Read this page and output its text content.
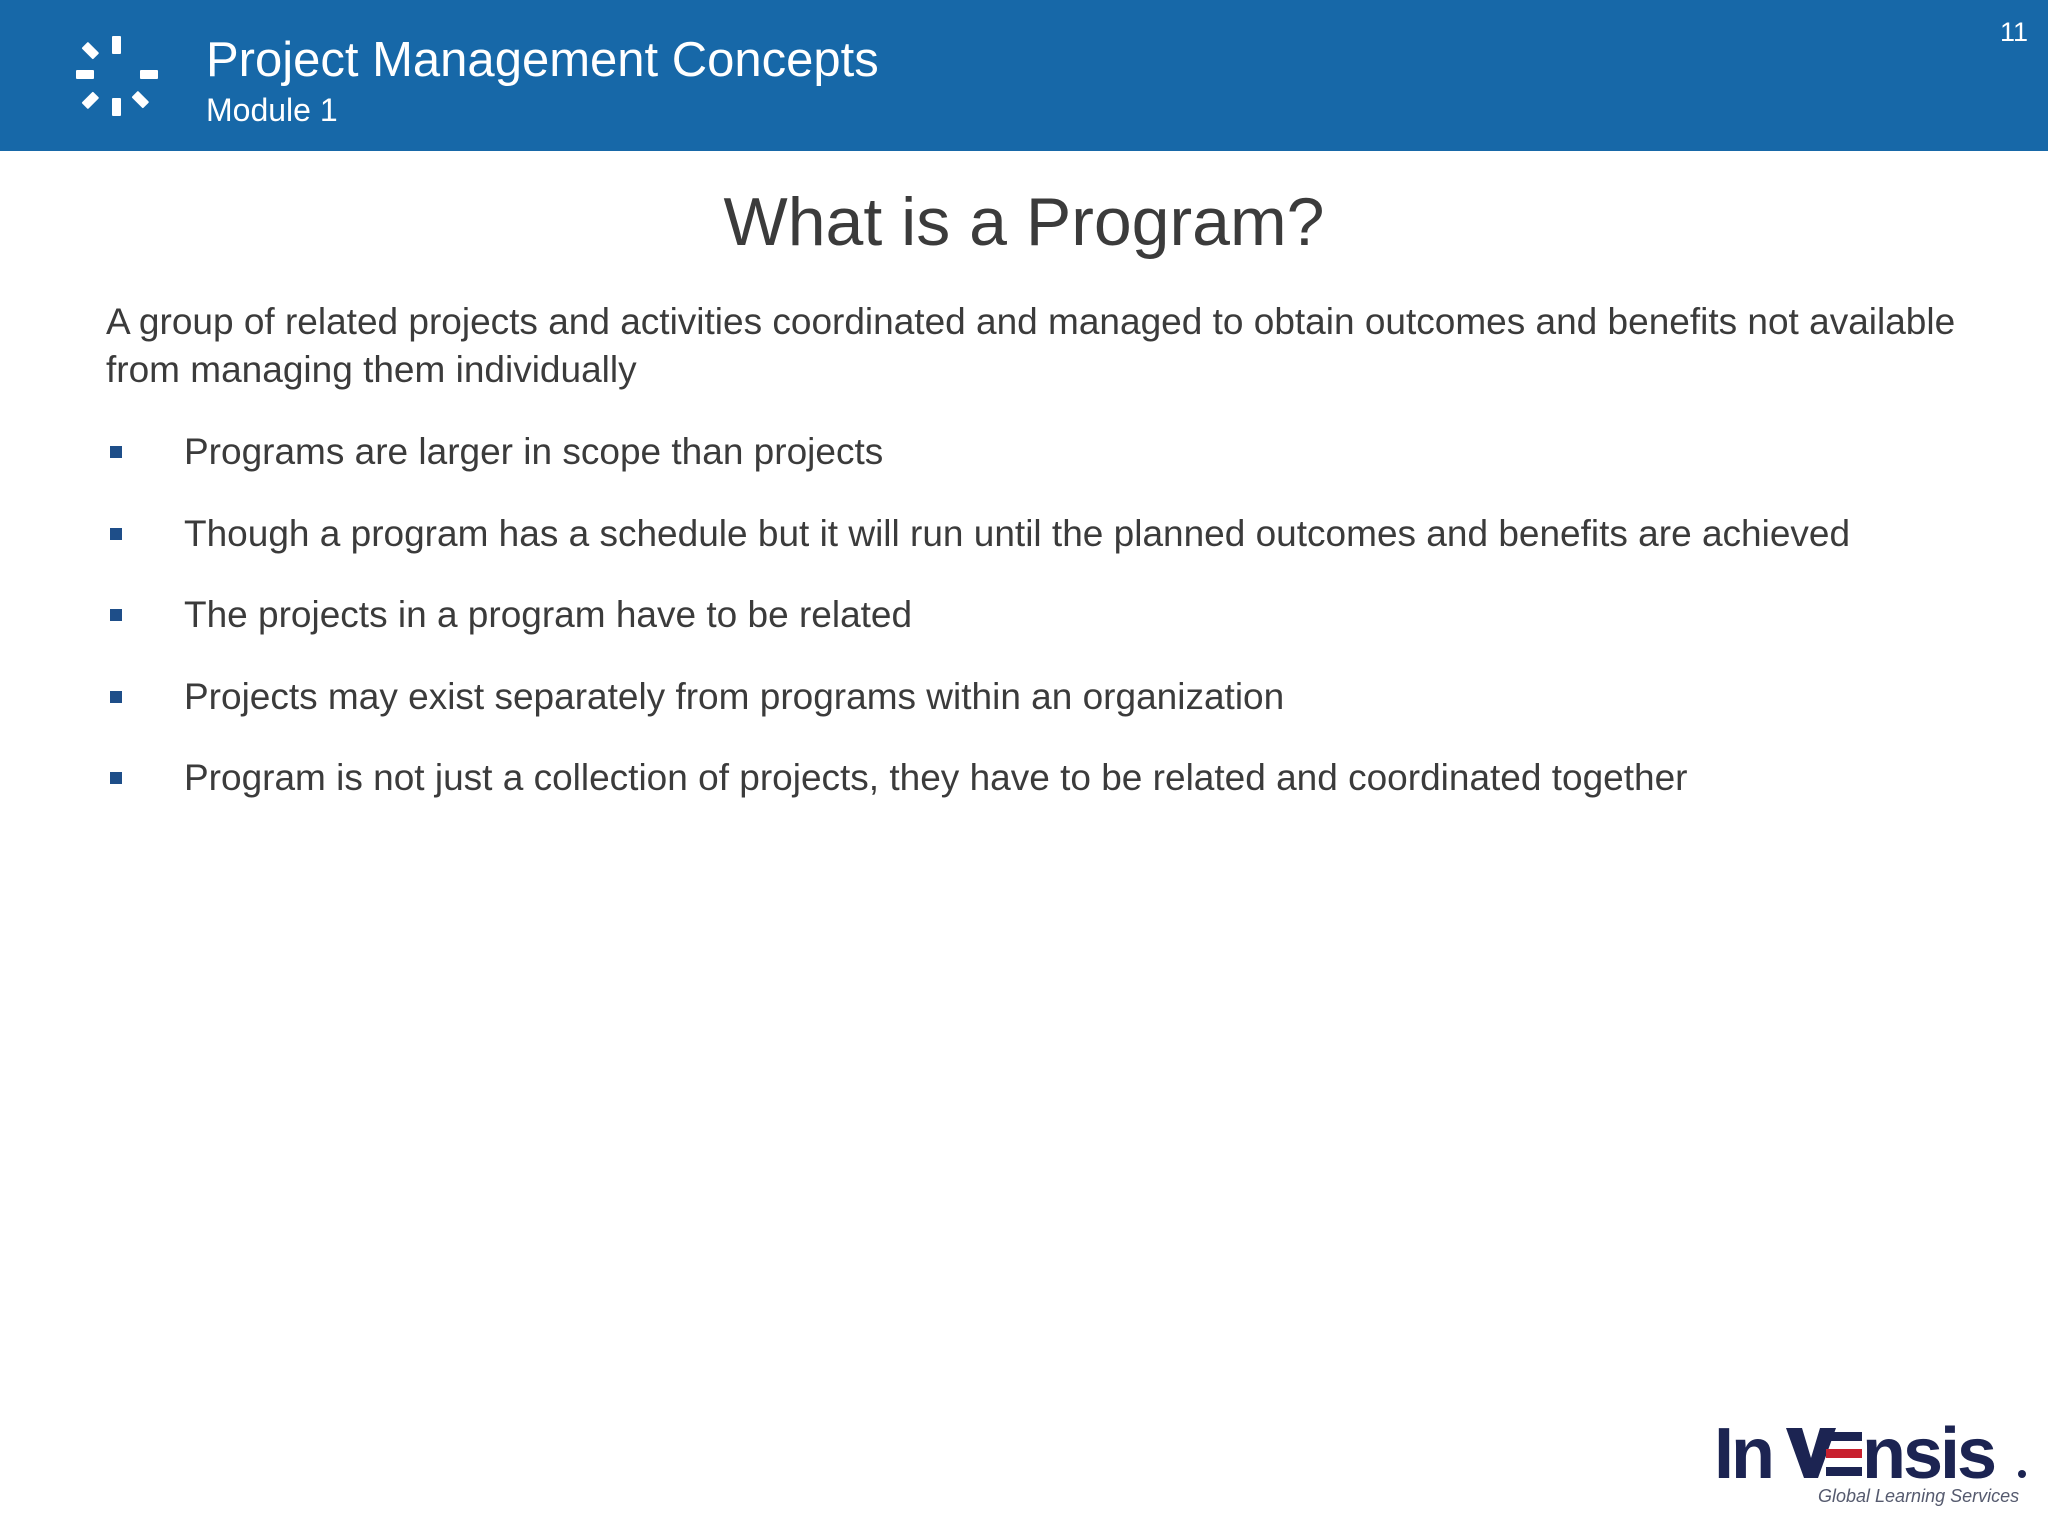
Project Management Concepts
Module 1
11
What is a Program?
A group of related projects and activities coordinated and managed to obtain outcomes and benefits not available from managing them individually
Programs are larger in scope than projects
Though a program has a schedule but it will run until the planned outcomes and benefits are achieved
The projects in a program have to be related
Projects may exist separately from programs within an organization
Program is not just a collection of projects, they have to be related and coordinated together
In nsis
Global Learning Services
